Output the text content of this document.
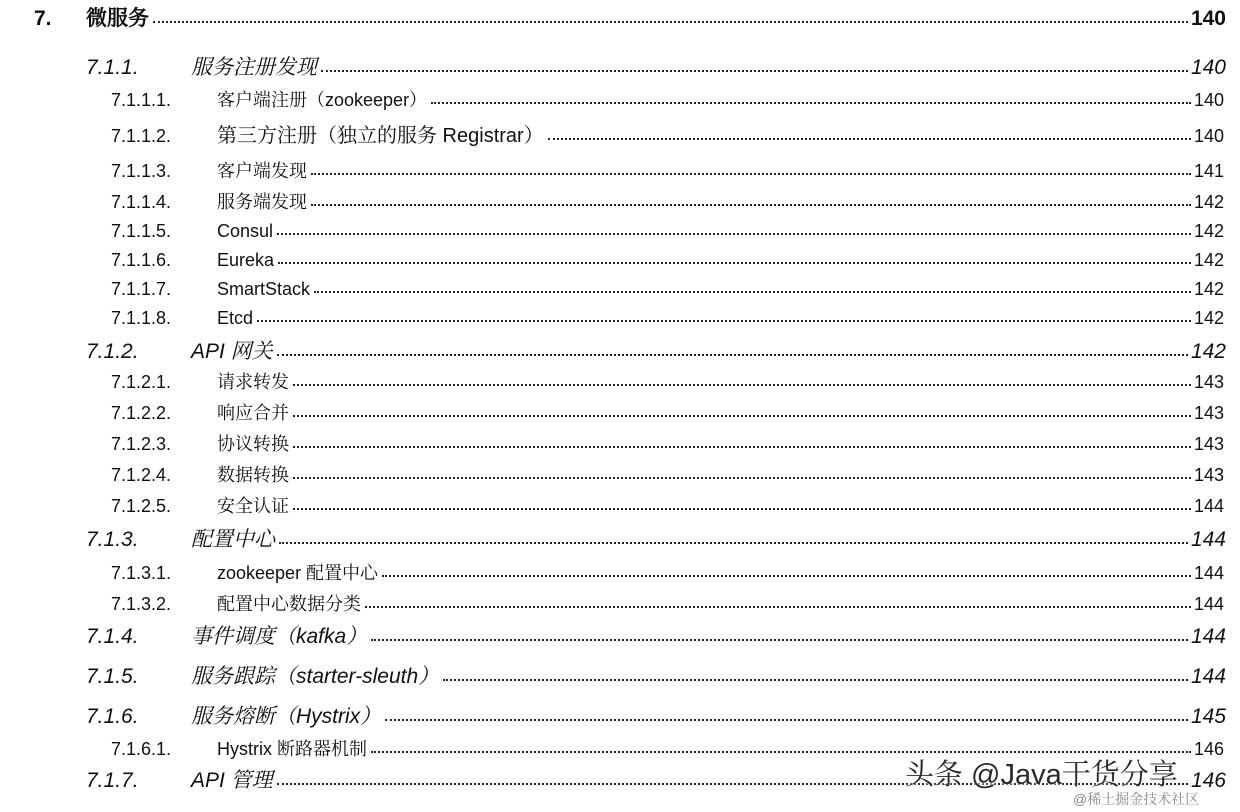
7.	微服务	140
7.1.1.	服务注册发现	140
7.1.1.1.	客户端注册（zookeeper）	140
7.1.1.2.	第三方注册（独立的服务 Registrar）	140
7.1.1.3.	客户端发现	141
7.1.1.4.	服务端发现	142
7.1.1.5.	Consul	142
7.1.1.6.	Eureka	142
7.1.1.7.	SmartStack	142
7.1.1.8.	Etcd	142
7.1.2.	API 网关	142
7.1.2.1.	请求转发	143
7.1.2.2.	响应合并	143
7.1.2.3.	协议转换	143
7.1.2.4.	数据转换	143
7.1.2.5.	安全认证	144
7.1.3.	配置中心	144
7.1.3.1.	zookeeper 配置中心	144
7.1.3.2.	配置中心数据分类	144
7.1.4.	事件调度（kafka）	144
7.1.5.	服务跟踪（starter-sleuth）	144
7.1.6.	服务熔断（Hystrix）	145
7.1.6.1.	Hystrix 断路器机制	146
7.1.7.	API 管理	146
头条 @Java干货分享
@稀土掘金技术社区
